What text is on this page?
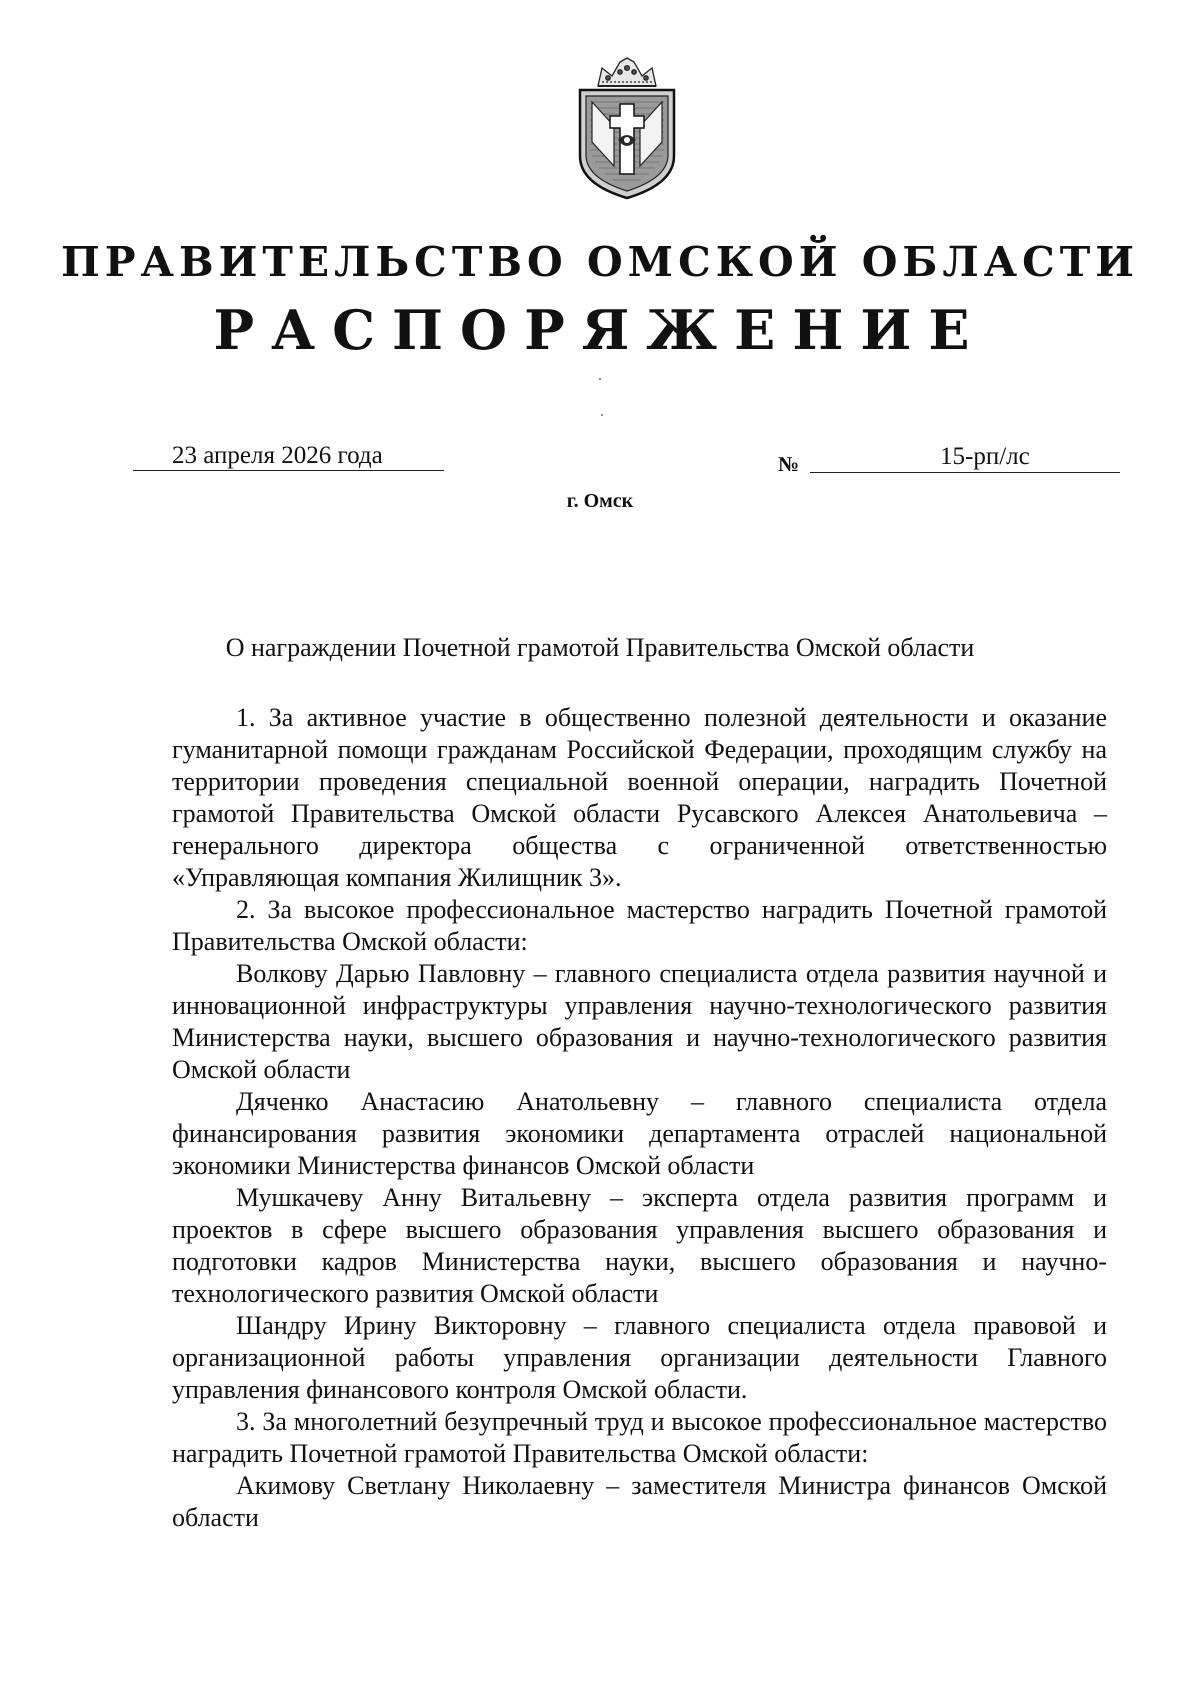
ПРАВИТЕЛЬСТВО ОМСКОЙ ОБЛАСТИ
РАСПОРЯЖЕНИЕ
23 апреля 2026 года	№	15-рп/лс
г. Омск
О награждении Почетной грамотой Правительства Омской области

1. За активное участие в общественно полезной деятельности и оказание гуманитарной помощи гражданам Российской Федерации, проходящим службу на территории проведения специальной военной операции, наградить Почетной грамотой Правительства Омской области Русавского Алексея Анатольевича – генерального директора общества с ограниченной ответственностью «Управляющая компания Жилищник 3».

2. За высокое профессиональное мастерство наградить Почетной грамотой Правительства Омской области:

Волкову Дарью Павловну – главного специалиста отдела развития научной и инновационной инфраструктуры управления научно-технологического развития Министерства науки, высшего образования и научно-технологического развития Омской области

Дяченко Анастасию Анатольевну – главного специалиста отдела финансирования развития экономики департамента отраслей национальной экономики Министерства финансов Омской области

Мушкачеву Анну Витальевну – эксперта отдела развития программ и проектов в сфере высшего образования управления высшего образования и подготовки кадров Министерства науки, высшего образования и научно-технологического развития Омской области

Шандру Ирину Викторовну – главного специалиста отдела правовой и организационной работы управления организации деятельности Главного управления финансового контроля Омской области.

3. За многолетний безупречный труд и высокое профессиональное мастерство наградить Почетной грамотой Правительства Омской области:

Акимову Светлану Николаевну – заместителя Министра финансов Омской области
